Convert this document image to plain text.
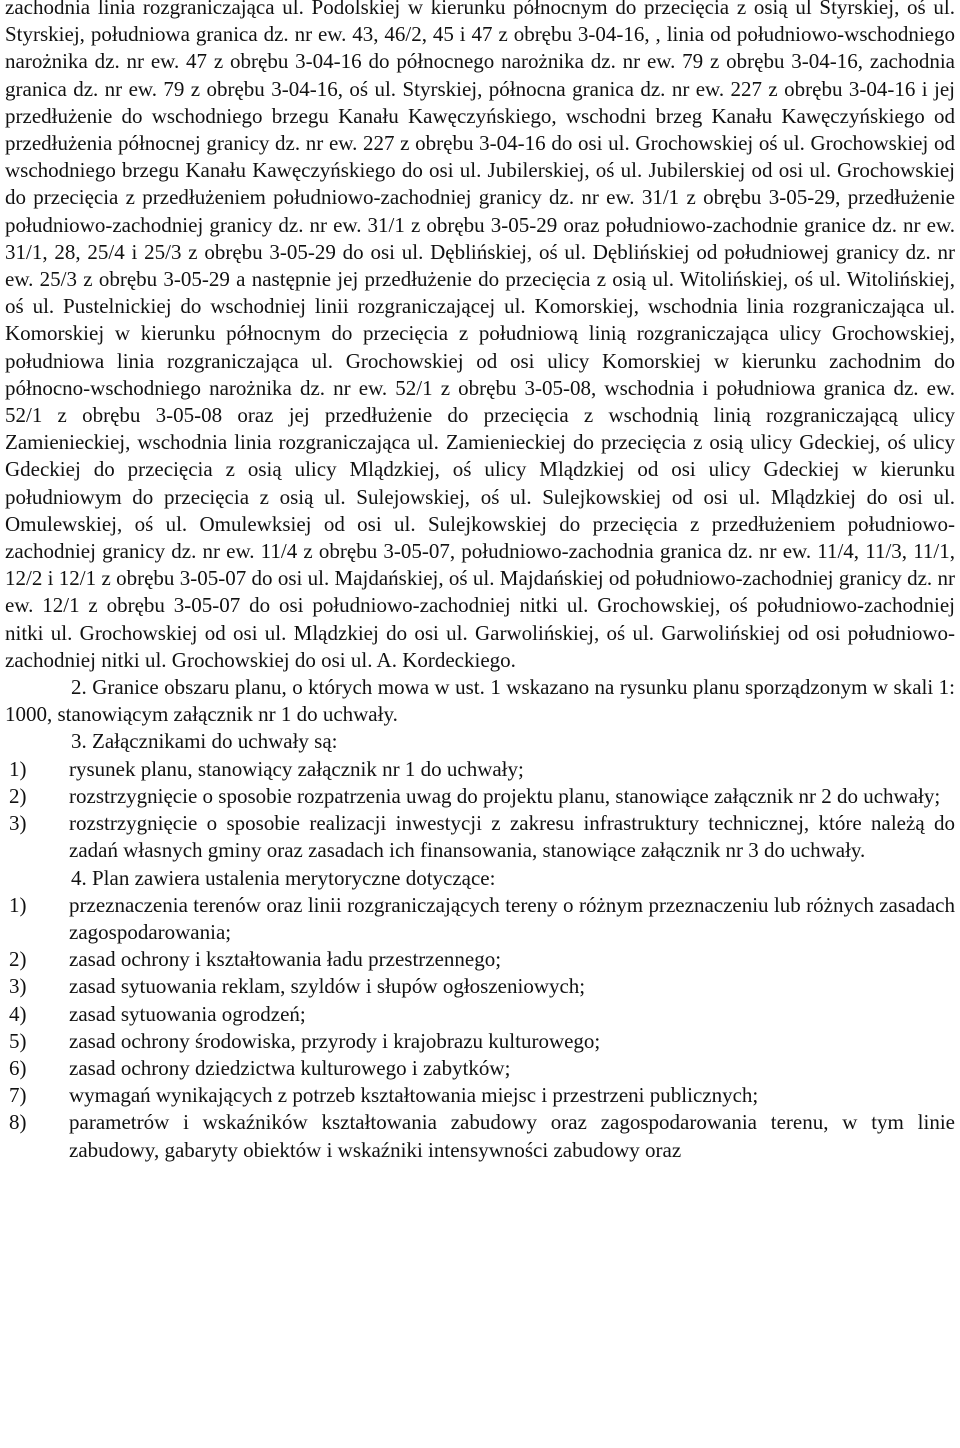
zachodnia linia rozgraniczająca ul. Podolskiej w kierunku północnym do przecięcia z osią ul Styrskiej, oś ul. Styrskiej, południowa granica dz. nr ew. 43, 46/2, 45 i 47 z obrębu 3-04-16, , linia od południowo-wschodniego narożnika dz. nr ew. 47 z obrębu 3-04-16 do północnego narożnika dz. nr ew. 79 z obrębu 3-04-16, zachodnia granica dz. nr ew. 79 z obrębu 3-04-16, oś ul. Styrskiej, północna granica dz. nr ew. 227 z obrębu 3-04-16 i jej przedłużenie do wschodniego brzegu Kanału Kawęczyńskiego, wschodni brzeg Kanału Kawęczyńskiego od przedłużenia północnej granicy dz. nr ew. 227 z obrębu 3-04-16 do osi ul. Grochowskiej oś ul. Grochowskiej od wschodniego brzegu Kanału Kawęczyńskiego do osi ul. Jubilerskiej, oś ul. Jubilerskiej od osi ul. Grochowskiej do przecięcia z przedłużeniem południowo-zachodniej granicy dz. nr ew. 31/1 z obrębu 3-05-29, przedłużenie południowo-zachodniej granicy dz. nr ew. 31/1 z obrębu 3-05-29 oraz południowo-zachodnie granice dz. nr ew. 31/1, 28, 25/4 i 25/3 z obrębu 3-05-29 do osi ul. Dęblińskiej, oś ul. Dęblińskiej od południowej granicy dz. nr ew. 25/3 z obrębu 3-05-29 a następnie jej przedłużenie do przecięcia z osią ul. Witolińskiej, oś ul. Witolińskiej, oś ul. Pustelnickiej do wschodniej linii rozgraniczającej ul. Komorskiej, wschodnia linia rozgraniczająca ul. Komorskiej w kierunku północnym do przecięcia z południową linią rozgraniczająca ulicy Grochowskiej, południowa linia rozgraniczająca ul. Grochowskiej od osi ulicy Komorskiej w kierunku zachodnim do północno-wschodniego narożnika dz. nr ew. 52/1 z obrębu 3-05-08, wschodnia i południowa granica dz. ew. 52/1 z obrębu 3-05-08 oraz jej przedłużenie do przecięcia z wschodnią linią rozgraniczającą ulicy Zamienieckiej, wschodnia linia rozgraniczająca ul. Zamienieckiej do przecięcia z osią ulicy Gdeckiej, oś ulicy Gdeckiej do przecięcia z osią ulicy Mlądzkiej, oś ulicy Mlądzkiej od osi ulicy Gdeckiej w kierunku południowym do przecięcia z osią ul. Sulejowskiej, oś ul. Sulejkowskiej od osi ul. Mlądzkiej do osi ul. Omulewskiej, oś ul. Omulewksiej od osi ul. Sulejkowskiej do przecięcia z przedłużeniem południowo-zachodniej granicy dz. nr ew. 11/4 z obrębu 3-05-07, południowo-zachodnia granica dz. nr ew. 11/4, 11/3, 11/1, 12/2 i 12/1 z obrębu 3-05-07 do osi ul. Majdańskiej, oś ul. Majdańskiej od południowo-zachodniej granicy dz. nr ew. 12/1 z obrębu 3-05-07 do osi południowo-zachodniej nitki ul. Grochowskiej, oś południowo-zachodniej nitki ul. Grochowskiej od osi ul. Mlądzkiej do osi ul. Garwolińskiej, oś ul. Garwolińskiej od osi południowo-zachodniej nitki ul. Grochowskiej do osi ul. A. Kordeckiego.

2. Granice obszaru planu, o których mowa w ust. 1 wskazano na rysunku planu sporządzonym w skali 1: 1000, stanowiącym załącznik nr 1 do uchwały.

3. Załącznikami do uchwały są:

1)	rysunek planu, stanowiący załącznik nr 1 do uchwały;
2)	rozstrzygnięcie o sposobie rozpatrzenia uwag do projektu planu, stanowiące załącznik nr 2 do uchwały;
3)	rozstrzygnięcie o sposobie realizacji inwestycji z zakresu infrastruktury technicznej, które należą do zadań własnych gminy oraz zasadach ich finansowania, stanowiące załącznik nr 3 do uchwały.

4. Plan zawiera ustalenia merytoryczne dotyczące:

1)	przeznaczenia terenów oraz linii rozgraniczających tereny o różnym przeznaczeniu lub różnych zasadach zagospodarowania;
2)	zasad ochrony i kształtowania ładu przestrzennego;
3)	zasad sytuowania reklam, szyldów i słupów ogłoszeniowych;
4)	zasad sytuowania ogrodzeń;
5)	zasad ochrony środowiska, przyrody i krajobrazu kulturowego;
6)	zasad ochrony dziedzictwa kulturowego i zabytków;
7)	wymagań wynikających z potrzeb kształtowania miejsc i przestrzeni publicznych;
8)	parametrów i wskaźników kształtowania zabudowy oraz zagospodarowania terenu, w tym linie zabudowy, gabaryty obiektów i wskaźniki intensywności zabudowy oraz
